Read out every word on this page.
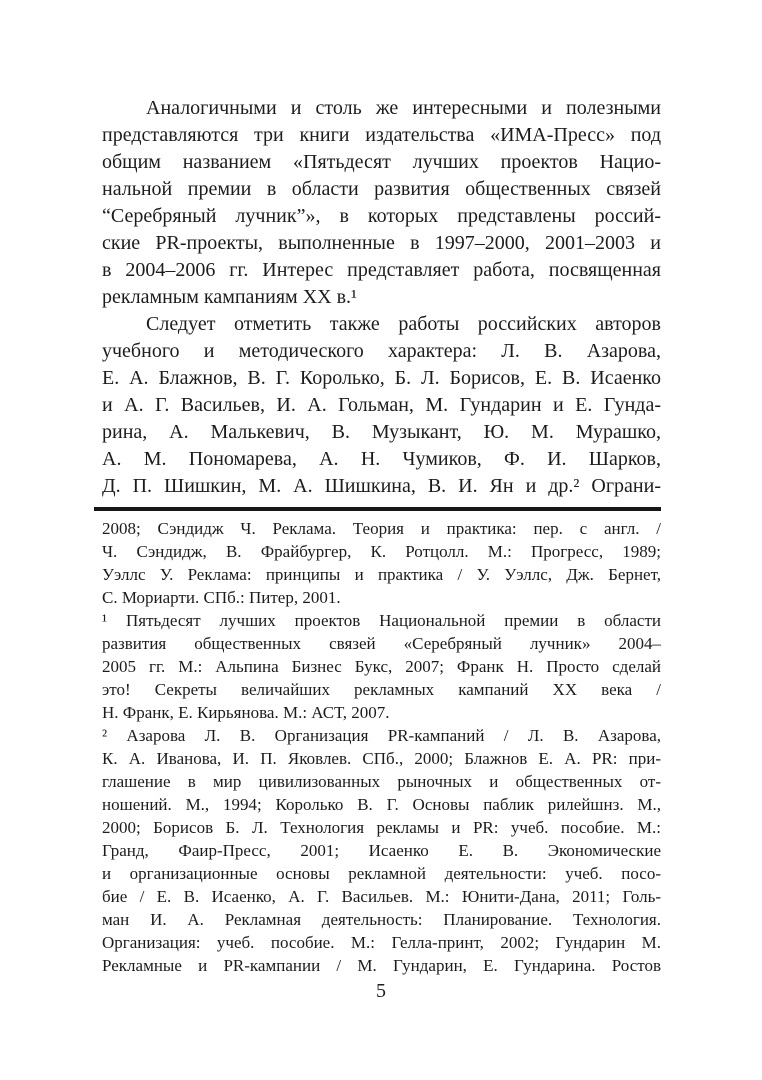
Аналогичными и столь же интересными и полезными
представляются три книги издательства «ИМА-Пресс» под
общим названием «Пятьдесят лучших проектов Нацио-
нальной премии в области развития общественных связей
“Серебряный лучник”», в которых представлены россий-
ские PR-проекты, выполненные в 1997–2000, 2001–2003 и
в 2004–2006 гг. Интерес представляет работа, посвященная
рекламным кампаниям XX в.¹
Следует отметить также работы российских авторов
учебного и методического характера: Л. В. Азарова,
Е. А. Блажнов, В. Г. Королько, Б. Л. Борисов, Е. В. Исаенко
и А. Г. Васильев, И. А. Гольман, М. Гундарин и Е. Гунда-
рина, А. Малькевич, В. Музыкант, Ю. М. Мурашко,
А. М. Пономарева, А. Н. Чумиков, Ф. И. Шарков,
Д. П. Шишкин, М. А. Шишкина, В. И. Ян и др.² Ограни-
2008; Сэндидж Ч. Реклама. Теория и практика: пер. с англ. /
Ч. Сэндидж, В. Фрайбургер, К. Ротцолл. М.: Прогресс, 1989;
Уэллс У. Реклама: принципы и практика / У. Уэллс, Дж. Бернет,
С. Мориарти. СПб.: Питер, 2001.
¹ Пятьдесят лучших проектов Национальной премии в области
развития общественных связей «Серебряный лучник» 2004–
2005 гг. М.: Альпина Бизнес Букс, 2007; Франк Н. Просто сделай
это! Секреты величайших рекламных кампаний XX века /
Н. Франк, Е. Кирьянова. М.: АСТ, 2007.
² Азарова Л. В. Организация PR-кампаний / Л. В. Азарова,
К. А. Иванова, И. П. Яковлев. СПб., 2000; Блажнов Е. А. PR: при-
глашение в мир цивилизованных рыночных и общественных от-
ношений. М., 1994; Королько В. Г. Основы паблик рилейшнз. М.,
2000; Борисов Б. Л. Технология рекламы и PR: учеб. пособие. М.:
Гранд, Фаир-Пресс, 2001; Исаенко Е. В. Экономические
и организационные основы рекламной деятельности: учеб. посо-
бие / Е. В. Исаенко, А. Г. Васильев. М.: Юнити-Дана, 2011; Голь-
ман И. А. Рекламная деятельность: Планирование. Технология.
Организация: учеб. пособие. М.: Гелла-принт, 2002; Гундарин М.
Рекламные и PR-кампании / М. Гундарин, Е. Гундарина. Ростов
5
